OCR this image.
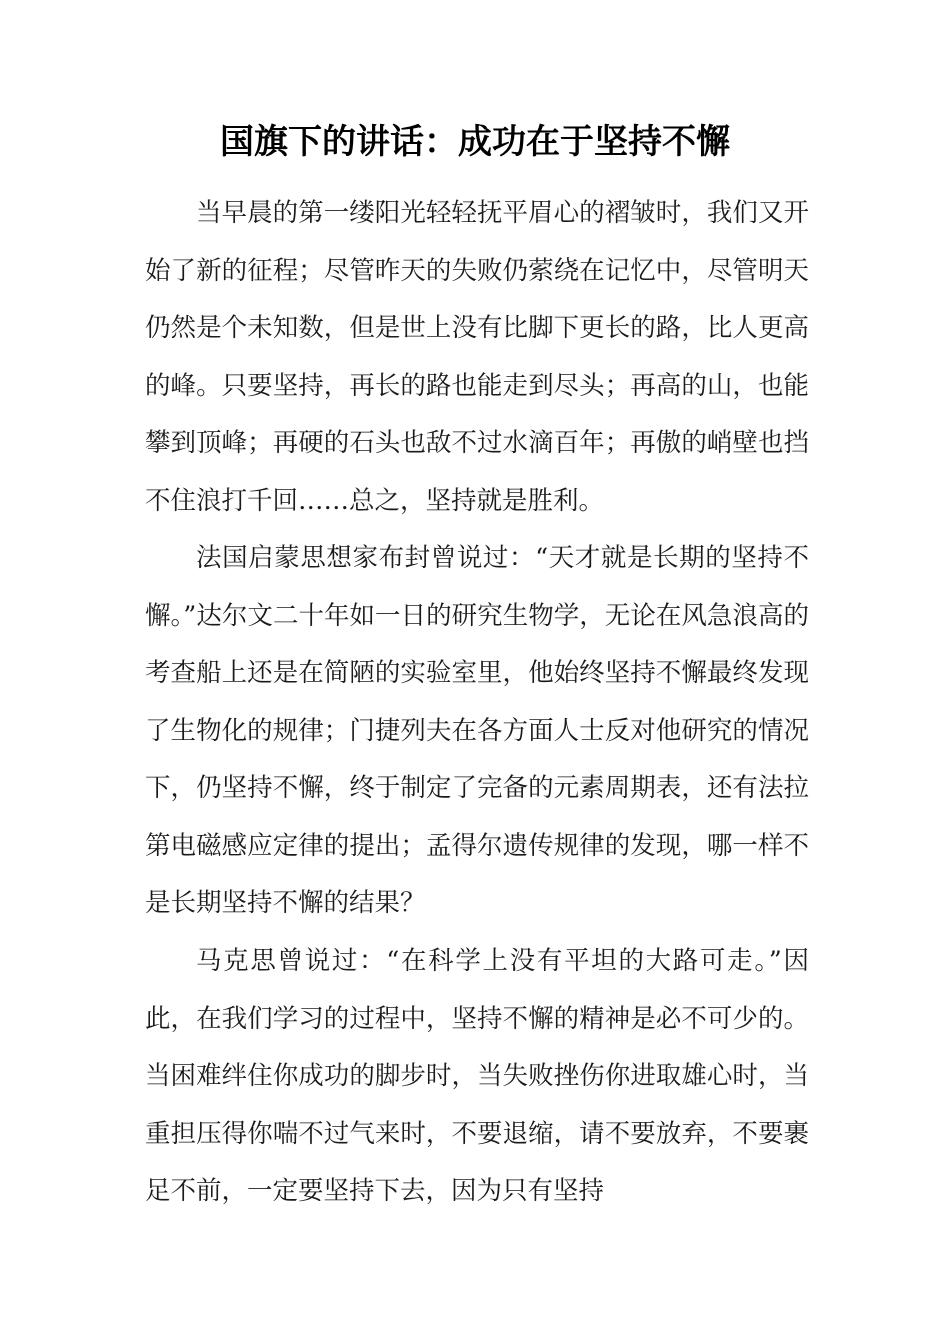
国旗下的讲话：成功在于坚持不懈

当早晨的第一缕阳光轻轻抚平眉心的褶皱时，我们又开始了新的征程；尽管昨天的失败仍萦绕在记忆中，尽管明天仍然是个未知数，但是世上没有比脚下更长的路，比人更高的峰。只要坚持，再长的路也能走到尽头；再高的山，也能攀到顶峰；再硬的石头也敌不过水滴百年；再傲的峭壁也挡不住浪打千回……总之，坚持就是胜利。

法国启蒙思想家布封曾说过：“天才就是长期的坚持不懈。”达尔文二十年如一日的研究生物学，无论在风急浪高的考查船上还是在简陋的实验室里，他始终坚持不懈最终发现了生物化的规律；门捷列夫在各方面人士反对他研究的情况下，仍坚持不懈，终于制定了完备的元素周期表，还有法拉第电磁感应定律的提出；孟得尔遗传规律的发现，哪一样不是长期坚持不懈的结果？

马克思曾说过：“在科学上没有平坦的大路可走。”因此，在我们学习的过程中，坚持不懈的精神是必不可少的。当困难绊住你成功的脚步时，当失败挫伤你进取雄心时，当重担压得你喘不过气来时，不要退缩，请不要放弃，不要裹足不前，一定要坚持下去，因为只有坚持
